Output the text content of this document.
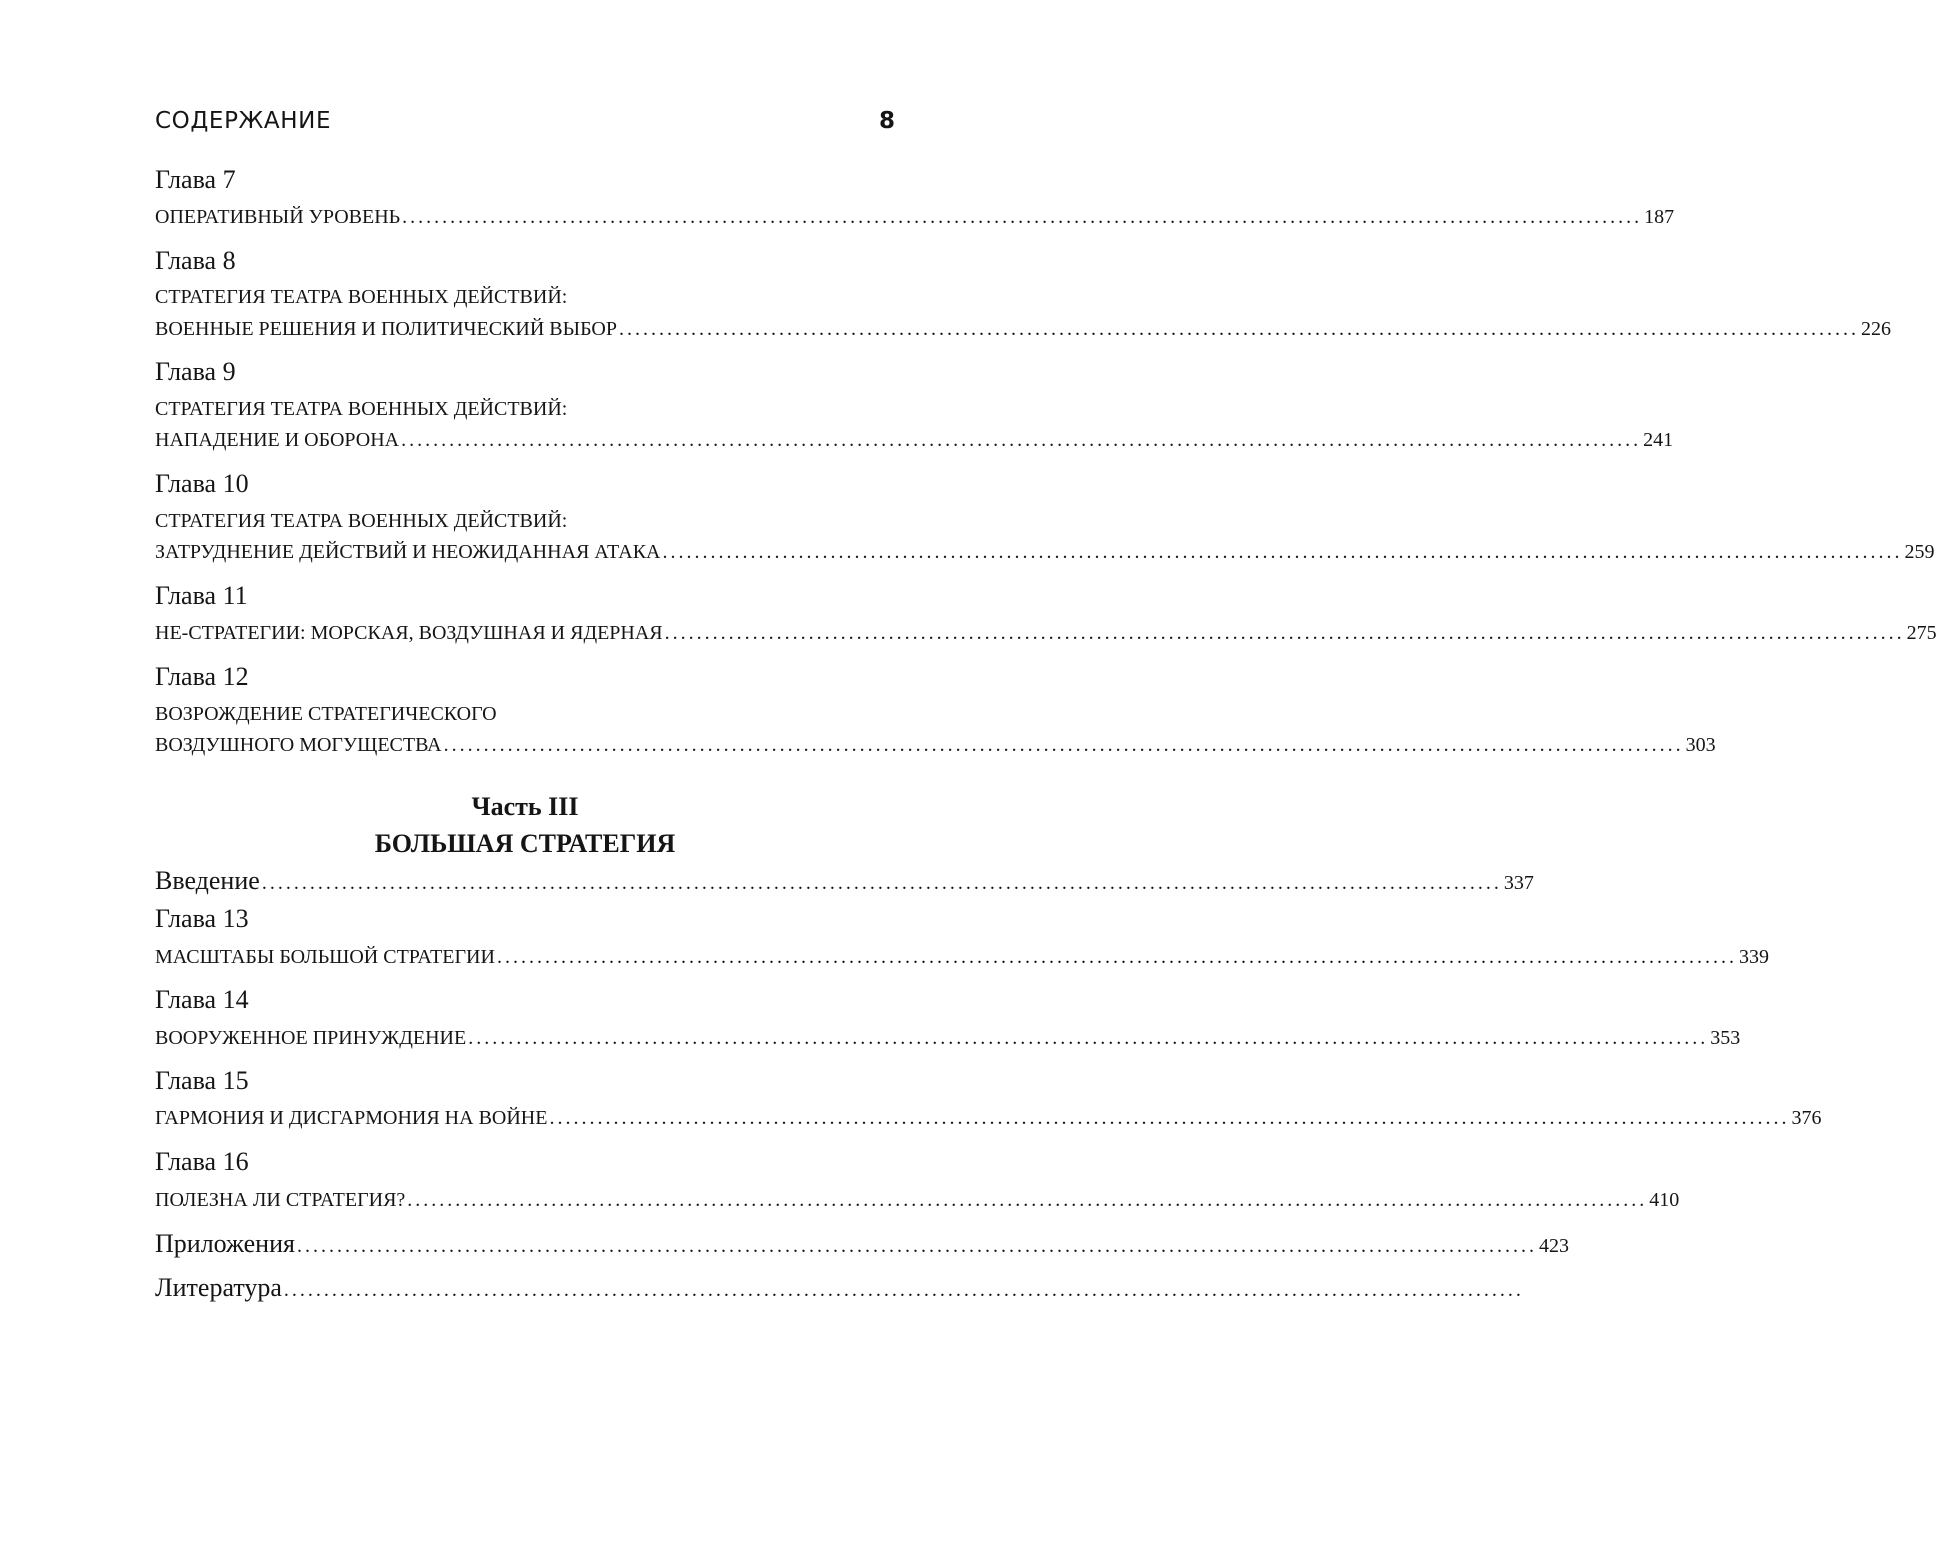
СОДЕРЖАНИЕ	8
Глава 7
ОПЕРАТИВНЫЙ УРОВЕНЬ ........................................................................................................................................................... 187
Глава 8
СТРАТЕГИЯ ТЕАТРА ВОЕННЫХ ДЕЙСТВИЙ:
ВОЕННЫЕ РЕШЕНИЯ И ПОЛИТИЧЕСКИЙ ВЫБОР ........................................................................................................................................................... 226
Глава 9
СТРАТЕГИЯ ТЕАТРА ВОЕННЫХ ДЕЙСТВИЙ:
НАПАДЕНИЕ И ОБОРОНА ........................................................................................................................................................... 241
Глава 10
СТРАТЕГИЯ ТЕАТРА ВОЕННЫХ ДЕЙСТВИЙ:
ЗАТРУДНЕНИЕ ДЕЙСТВИЙ И НЕОЖИДАННАЯ АТАКА ........................................................................................................................................................... 259
Глава 11
НЕ-СТРАТЕГИИ: МОРСКАЯ, ВОЗДУШНАЯ И ЯДЕРНАЯ ........................................................................................................................................................... 275
Глава 12
ВОЗРОЖДЕНИЕ СТРАТЕГИЧЕСКОГО
ВОЗДУШНОГО МОГУЩЕСТВА ........................................................................................................................................................... 303
Часть III
БОЛЬШАЯ СТРАТЕГИЯ
Введение ........................................................................................................................................................... 337
Глава 13
МАСШТАБЫ БОЛЬШОЙ СТРАТЕГИИ ........................................................................................................................................................... 339
Глава 14
ВООРУЖЕННОЕ ПРИНУЖДЕНИЕ ........................................................................................................................................................... 353
Глава 15
ГАРМОНИЯ И ДИСГАРМОНИЯ НА ВОЙНЕ ........................................................................................................................................................... 376
Глава 16
ПОЛЕЗНА ЛИ СТРАТЕГИЯ? ........................................................................................................................................................... 410
Приложения ........................................................................................................................................................... 423
Литература ...........................................................................................................................................................
